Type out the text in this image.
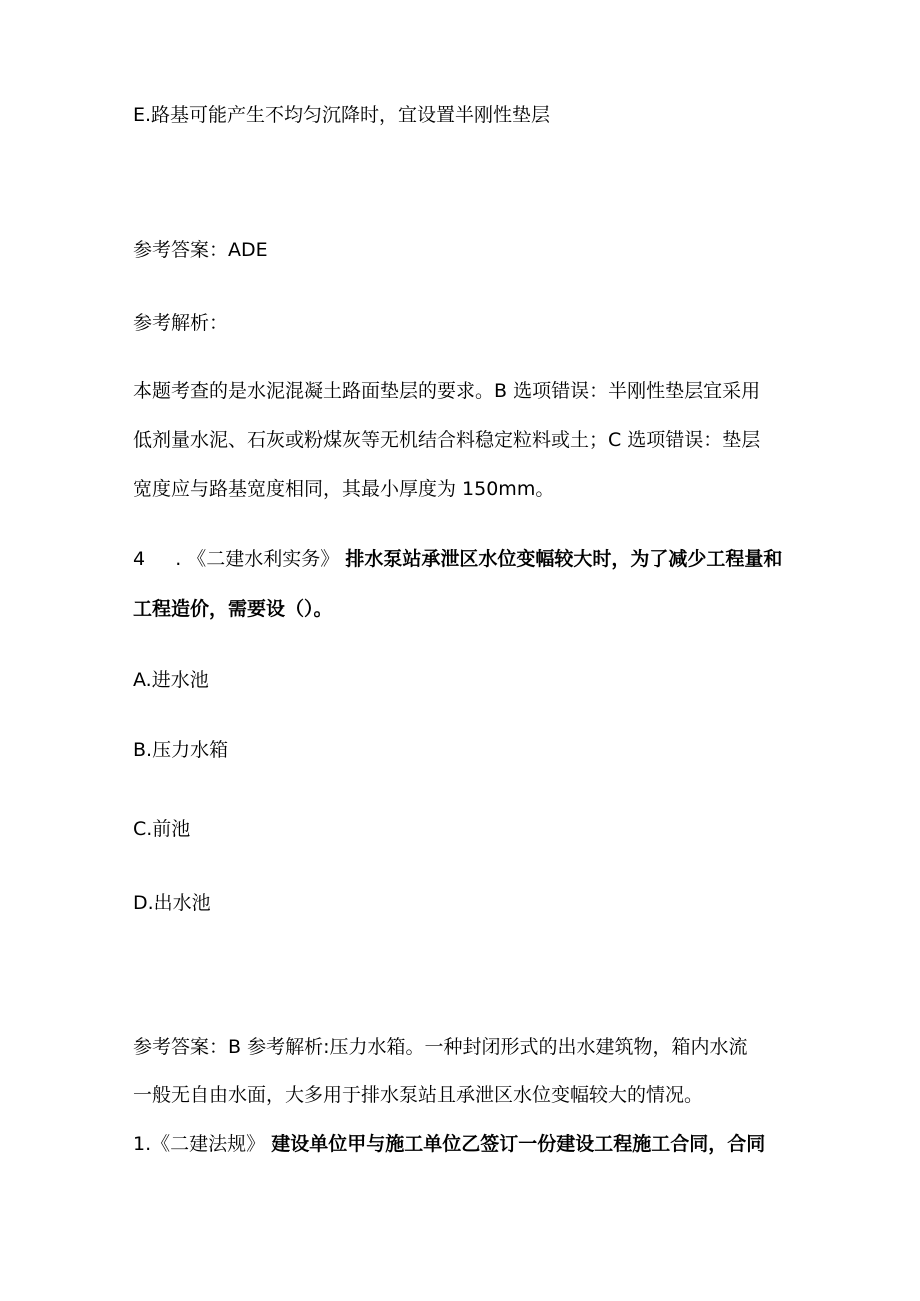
E.路基可能产生不均匀沉降时，宜设置半刚性垫层
参考答案：ADE
参考解析：
本题考查的是水泥混凝土路面垫层的要求。B 选项错误：半刚性垫层宜采用
低剂量水泥、石灰或粉煤灰等无机结合料稳定粒料或土；C 选项错误：垫层
宽度应与路基宽度相同，其最小厚度为 150mm。
4 . 《二建水利实务》 排水泵站承泄区水位变幅较大时，为了减少工程量和
工程造价，需要设（）。
A.进水池
B.压力水箱
C.前池
D.出水池
参考答案：B 参考解析:压力水箱。一种封闭形式的出水建筑物，箱内水流
一般无自由水面，大多用于排水泵站且承泄区水位变幅较大的情况。
1.《二建法规》 建设单位甲与施工单位乙签订一份建设工程施工合同，合同
